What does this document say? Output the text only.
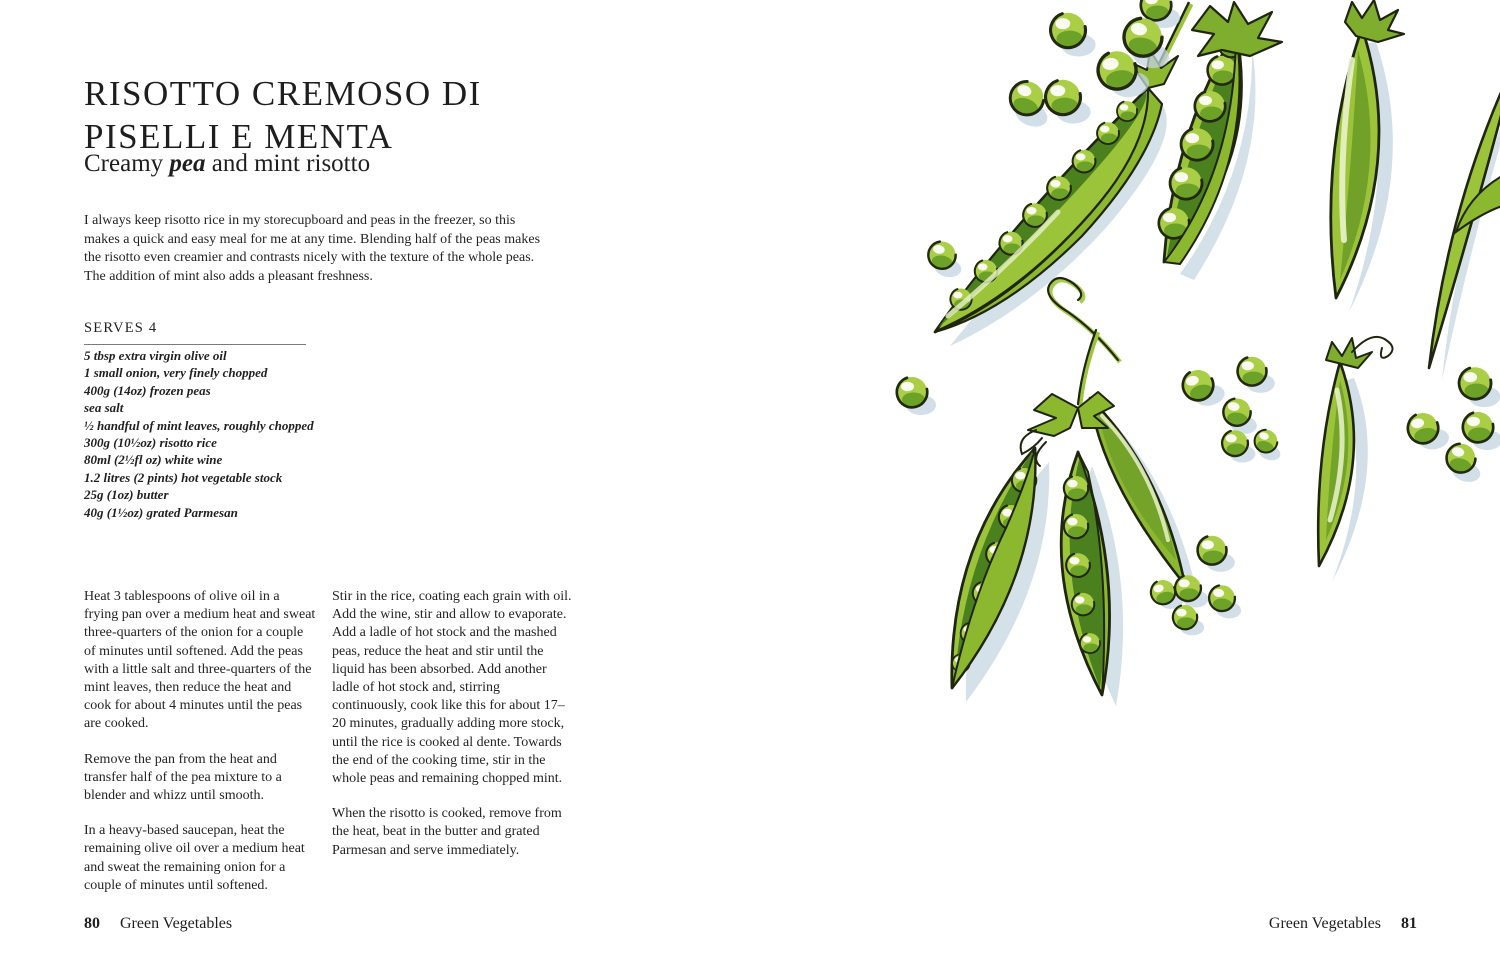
RISOTTO CREMOSO DI
PISELLI E MENTA
Creamy pea and mint risotto
I always keep risotto rice in my storecupboard and peas in the freezer, so this makes a quick and easy meal for me at any time. Blending half of the peas makes the risotto even creamier and contrasts nicely with the texture of the whole peas. The addition of mint also adds a pleasant freshness.
SERVES 4
5 tbsp extra virgin olive oil
1 small onion, very finely chopped
400g (14oz) frozen peas
sea salt
½ handful of mint leaves, roughly chopped
300g (10½oz) risotto rice
80ml (2½fl oz) white wine
1.2 litres (2 pints) hot vegetable stock
25g (1oz) butter
40g (1½oz) grated Parmesan

Heat 3 tablespoons of olive oil in a frying pan over a medium heat and sweat three-quarters of the onion for a couple of minutes until softened. Add the peas with a little salt and three-quarters of the mint leaves, then reduce the heat and cook for about 4 minutes until the peas are cooked.

Remove the pan from the heat and transfer half of the pea mixture to a blender and whizz until smooth.

In a heavy-based saucepan, heat the remaining olive oil over a medium heat and sweat the remaining onion for a couple of minutes until softened.

Stir in the rice, coating each grain with oil. Add the wine, stir and allow to evaporate. Add a ladle of hot stock and the mashed peas, reduce the heat and stir until the liquid has been absorbed. Add another ladle of hot stock and, stirring continuously, cook like this for about 17–20 minutes, gradually adding more stock, until the rice is cooked al dente. Towards the end of the cooking time, stir in the whole peas and remaining chopped mint.

When the risotto is cooked, remove from the heat, beat in the butter and grated Parmesan and serve immediately.

80 Green Vegetables	Green Vegetables 81
